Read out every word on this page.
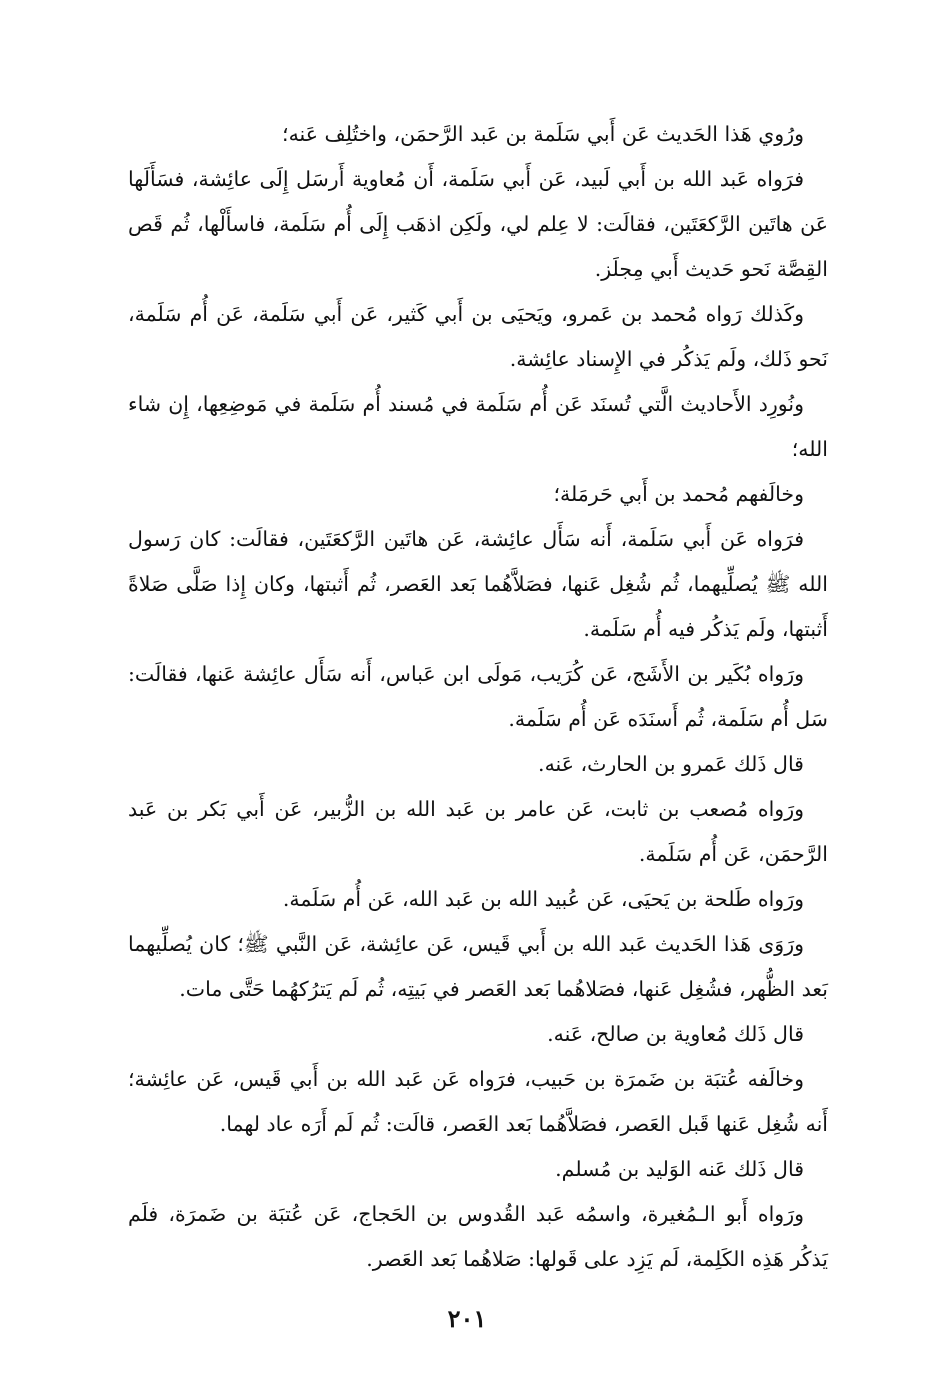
ورُوي هَذا الحَديث عَن أَبي سَلَمة بن عَبد الرَّحمَن، واختُلِف عَنه؛

فرَواه عَبد الله بن أَبي لَبيد، عَن أَبي سَلَمة، أَن مُعاوية أَرسَل إِلَى عائِشة، فسَأَلَها عَن هاتَين الرَّكعَتَين، فقالَت: لا عِلم لي، ولَكِن اذهَب إِلَى أُم سَلَمة، فاسأَلْها، ثُم قَص القِصَّة نَحو حَديث أَبي مِجلَز.

وكَذلك رَواه مُحمد بن عَمرو، ويَحيَى بن أَبي كَثير، عَن أَبي سَلَمة، عَن أُم سَلَمة، نَحو ذَلك، ولَم يَذكُر في الإِسناد عائِشة.

ونُورِد الأَحاديث الَّتي تُسنَد عَن أُم سَلَمة في مُسند أُم سَلَمة في مَوضِعِها، إِن شاء الله؛

وخالَفهم مُحمد بن أَبي حَرمَلة؛

فرَواه عَن أَبي سَلَمة، أَنه سَأَل عائِشة، عَن هاتَين الرَّكعَتَين، فقالَت: كان رَسول الله ﷺ يُصلِّيهما، ثُم شُغِل عَنها، فصَلاَّهُما بَعد العَصر، ثُم أَثبتها، وكان إِذا صَلَّى صَلاةً أَثبتها، ولَم يَذكُر فيه أُم سَلَمة.

ورَواه بُكَير بن الأَشَج، عَن كُرَيب، مَولَى ابن عَباس، أَنه سَأَل عائِشة عَنها، فقالَت: سَل أُم سَلَمة، ثُم أَسنَدَه عَن أُم سَلَمة.

قال ذَلك عَمرو بن الحارث، عَنه.

ورَواه مُصعب بن ثابت، عَن عامر بن عَبد الله بن الزُّبير، عَن أَبي بَكر بن عَبد الرَّحمَن، عَن أُم سَلَمة.

ورَواه طَلحة بن يَحيَى، عَن عُبيد الله بن عَبد الله، عَن أُم سَلَمة.

ورَوَى هَذا الحَديث عَبد الله بن أَبي قَيس، عَن عائِشة، عَن النَّبي ﷺ؛ كان يُصلِّيهما بَعد الظُّهر، فشُغِل عَنها، فصَلاهُما بَعد العَصر في بَيتِه، ثُم لَم يَترُكهُما حَتَّى مات.

قال ذَلك مُعاوية بن صالح، عَنه.

وخالَفه عُتبَة بن ضَمرَة بن حَبيب، فرَواه عَن عَبد الله بن أَبي قَيس، عَن عائِشة؛ أَنه شُغِل عَنها قَبل العَصر، فصَلاَّهُما بَعد العَصر، قالَت: ثُم لَم أَرَه عاد لهما.

قال ذَلك عَنه الوَليد بن مُسلم.

ورَواه أَبو الـمُغيرة، واسمُه عَبد القُدوس بن الحَجاج، عَن عُتبَة بن ضَمرَة، فلَم يَذكُر هَذِه الكَلِمة، لَم يَزِد على قَولها: صَلاهُما بَعد العَصر.

٢٠١
